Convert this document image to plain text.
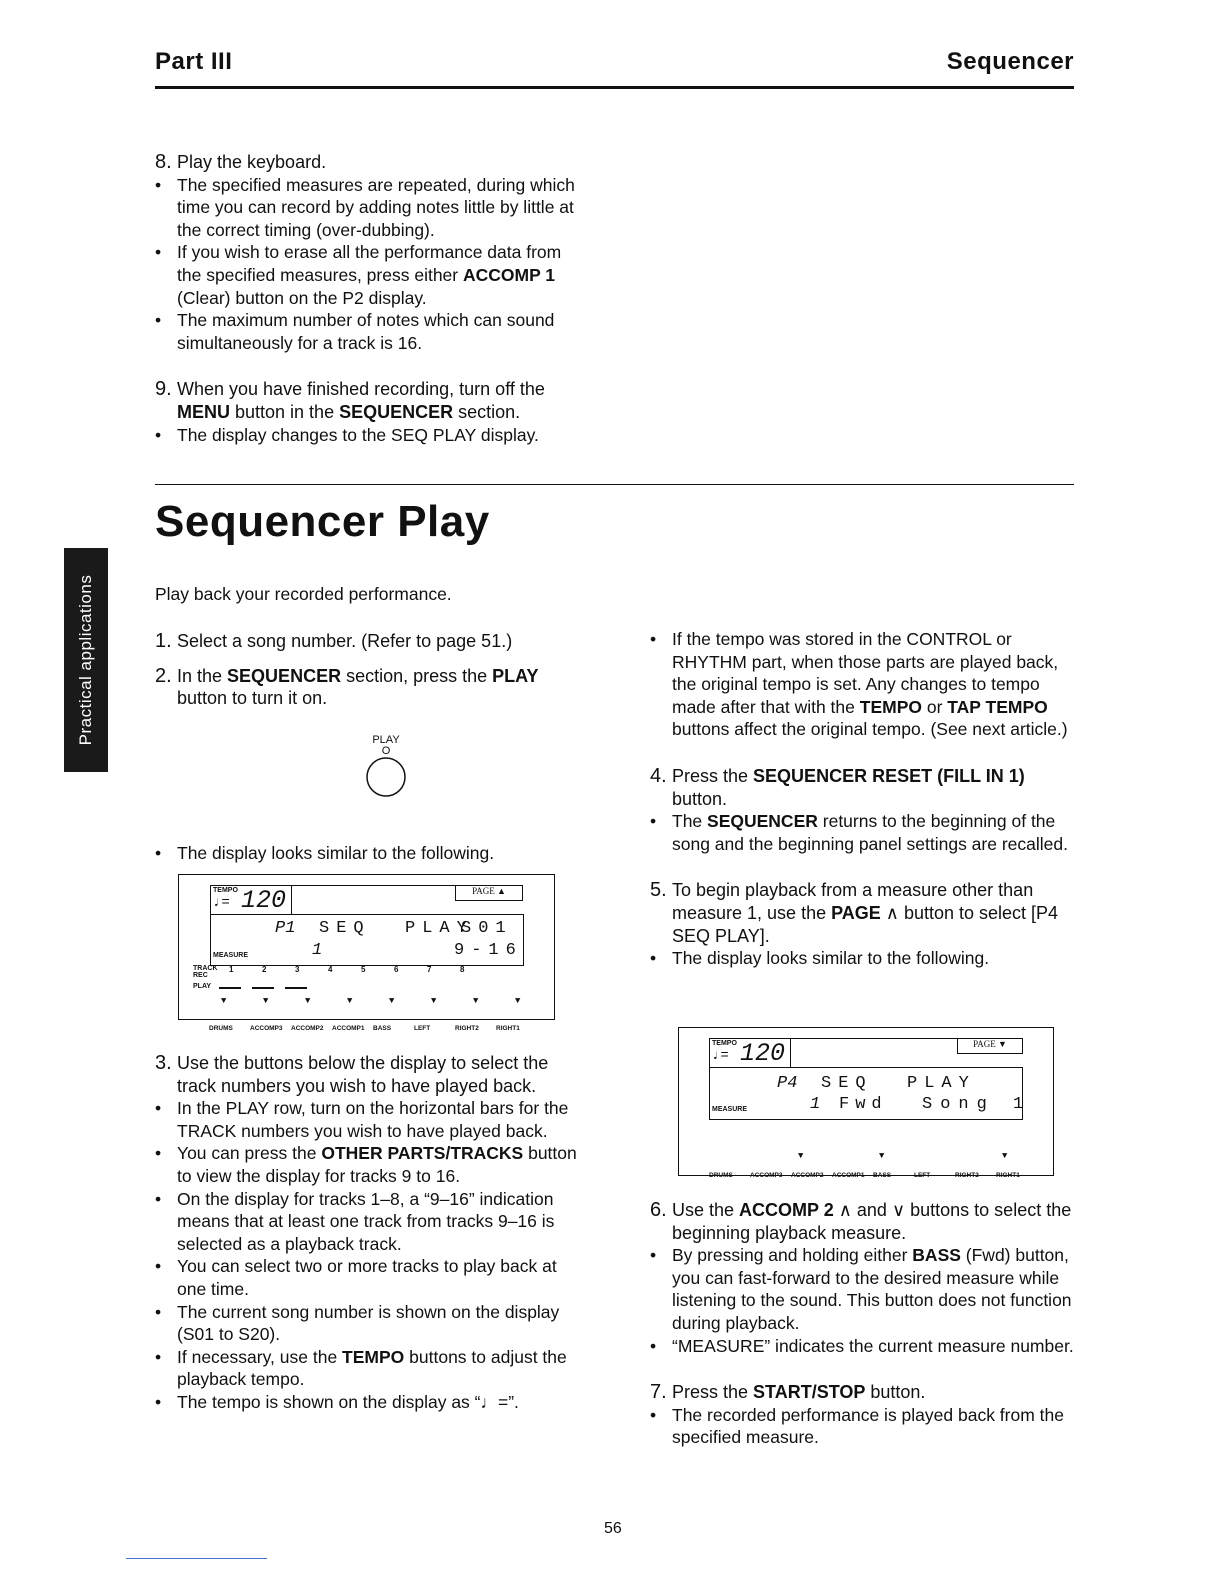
Part III	Sequencer
Practical applications

8. Play the keyboard.

• The specified measures are repeated, during which time you can record by adding notes little by little at the correct timing (over-dubbing).

• If you wish to erase all the performance data from the specified measures, press either ACCOMP 1 (Clear) button on the P2 display.

• The maximum number of notes which can sound simultaneously for a track is 16.

9. When you have finished recording, turn off the MENU button in the SEQUENCER section.

• The display changes to the SEQ PLAY display.

Sequencer Play
Play back your recorded performance.

1. Select a song number. (Refer to page 51.)

2. In the SEQUENCER section, press the PLAY button to turn it on.

PLAY
O

• The display looks similar to the following.

TEMPO
♩= 120	PAGE ▲
P1 SEQ  PLAY
S01
MEASURE	1	9-16
TRACK
REC
PLAY
1	2	3	4	5	6	7	8
▼	▼	▼	▼	▼	▼	▼	▼
DRUMS	ACCOMP3 ACCOMP2 ACCOMP1 BASS	LEFT	RIGHT2	RIGHT1

3. Use the buttons below the display to select the track numbers you wish to have played back.

• In the PLAY row, turn on the horizontal bars for the TRACK numbers you wish to have played back.

• You can press the OTHER PARTS/TRACKS button to view the display for tracks 9 to 16.

• On the display for tracks 1–8, a “9–16” indication means that at least one track from tracks 9–16 is selected as a playback track.

• You can select two or more tracks to play back at one time.

• The current song number is shown on the display (S01 to S20).

• If necessary, use the TEMPO buttons to adjust the playback tempo.

• The tempo is shown on the display as “♩=”.

• If the tempo was stored in the CONTROL or RHYTHM part, when those parts are played back, the original tempo is set. Any changes to tempo made after that with the TEMPO or TAP TEMPO buttons affect the original tempo. (See next article.)

4. Press the SEQUENCER RESET (FILL IN 1) button.

• The SEQUENCER returns to the beginning of the song and the beginning panel settings are recalled.

5. To begin playback from a measure other than measure 1, use the PAGE ∧ button to select [P4 SEQ PLAY].

• The display looks similar to the following.

TEMPO
♩= 120	PAGE ▼
P4 SEQ  PLAY
MEASURE	1 Fwd Song 1
▼	▼	▼
DRUMS	ACCOMP3 ACCOMP2 ACCOMP1 BASS	LEFT	RIGHT2	RIGHT1

6. Use the ACCOMP 2 ∧ and ∨ buttons to select the beginning playback measure.

• By pressing and holding either BASS (Fwd) button, you can fast-forward to the desired measure while listening to the sound. This button does not function during playback.

• “MEASURE” indicates the current measure number.

7. Press the START/STOP button.

• The recorded performance is played back from the specified measure.

56
